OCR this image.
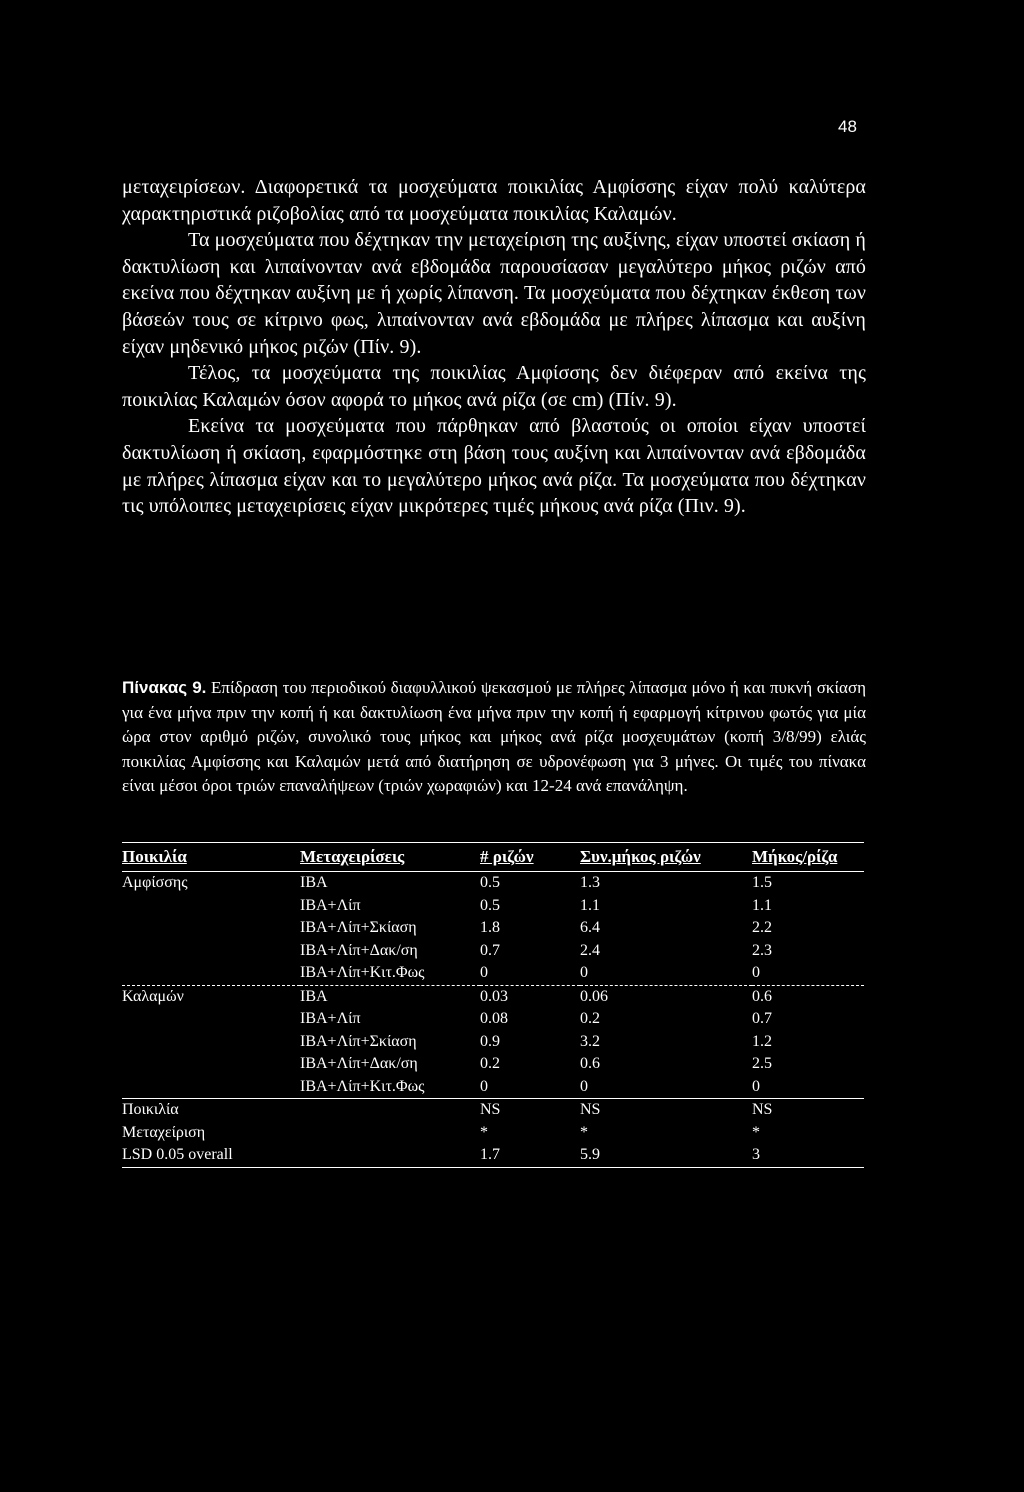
48

μεταχειρίσεων. Διαφορετικά τα μοσχεύματα ποικιλίας Αμφίσσης είχαν πολύ καλύτερα χαρακτηριστικά ριζοβολίας από τα μοσχεύματα ποικιλίας Καλαμών.

Τα μοσχεύματα που δέχτηκαν την μεταχείριση της αυξίνης, είχαν υποστεί σκίαση ή δακτυλίωση και λιπαίνονταν ανά εβδομάδα παρουσίασαν μεγαλύτερο μήκος ριζών από εκείνα που δέχτηκαν αυξίνη με ή χωρίς λίπανση. Τα μοσχεύματα που δέχτηκαν έκθεση των βάσεών τους σε κίτρινο φως, λιπαίνονταν ανά εβδομάδα με πλήρες λίπασμα και αυξίνη είχαν μηδενικό μήκος ριζών (Πίν. 9).

Τέλος, τα μοσχεύματα της ποικιλίας Αμφίσσης δεν διέφεραν από εκείνα της ποικιλίας Καλαμών όσον αφορά το μήκος ανά ρίζα (σε cm) (Πίν. 9).

Εκείνα τα μοσχεύματα που πάρθηκαν από βλαστούς οι οποίοι είχαν υποστεί δακτυλίωση ή σκίαση, εφαρμόστηκε στη βάση τους αυξίνη και λιπαίνονταν ανά εβδομάδα με πλήρες λίπασμα είχαν και το μεγαλύτερο μήκος ανά ρίζα. Τα μοσχεύματα που δέχτηκαν τις υπόλοιπες μεταχειρίσεις είχαν μικρότερες τιμές μήκους ανά ρίζα (Πιν. 9).

Πίνακας 9. Επίδραση του περιοδικού διαφυλλικού ψεκασμού με πλήρες λίπασμα μόνο ή και πυκνή σκίαση για ένα μήνα πριν την κοπή ή και δακτυλίωση ένα μήνα πριν την κοπή ή εφαρμογή κίτρινου φωτός για μία ώρα στον αριθμό ριζών, συνολικό τους μήκος και μήκος ανά ρίζα μοσχευμάτων (κοπή 3/8/99) ελιάς ποικιλίας Αμφίσσης και Καλαμών μετά από διατήρηση σε υδρονέφωση για 3 μήνες. Οι τιμές του πίνακα είναι μέσοι όροι τριών επαναλήψεων (τριών χωραφιών) και 12-24 ανά επανάληψη.
Ποικιλία	Μεταχειρίσεις	# ριζών	Συν.μήκος ριζών	Μήκος/ρίζα
Αμφίσσης	ΙΒΑ	0.5	1.3	1.5
	ΙΒΑ+Λίπ	0.5	1.1	1.1
	ΙΒΑ+Λίπ+Σκίαση	1.8	6.4	2.2
	ΙΒΑ+Λίπ+Δακ/ση	0.7	2.4	2.3
	ΙΒΑ+Λίπ+Κιτ.Φως	0	0	0
Καλαμών	ΙΒΑ	0.03	0.06	0.6
	ΙΒΑ+Λίπ	0.08	0.2	0.7
	ΙΒΑ+Λίπ+Σκίαση	0.9	3.2	1.2
	ΙΒΑ+Λίπ+Δακ/ση	0.2	0.6	2.5
	ΙΒΑ+Λίπ+Κιτ.Φως	0	0	0
Ποικιλία		NS	NS	NS
Μεταχείριση		*	*	*
LSD 0.05 overall		1.7	5.9	3
